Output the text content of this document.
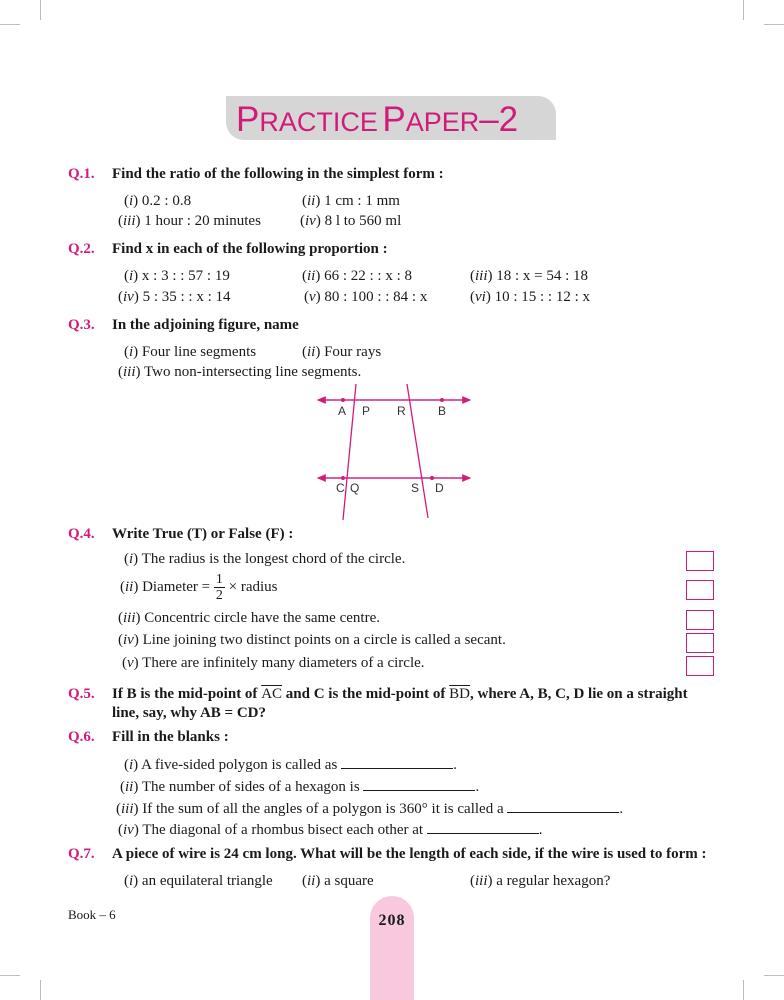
PRACTICE PAPER–2
Q.1. Find the ratio of the following in the simplest form :
(i) 0.2 : 0.8	(ii) 1 cm : 1 mm
(iii) 1 hour : 20 minutes	(iv) 8 l to 560 ml
Q.2. Find x in each of the following proportion :
(i) x : 3 : : 57 : 19	(ii) 66 : 22 : : x : 8	(iii) 18 : x = 54 : 18
(iv) 5 : 35 : : x : 14	(v) 80 : 100 : : 84 : x	(vi) 10 : 15 : : 12 : x
Q.3. In the adjoining figure, name
(i) Four line segments	(ii) Four rays
(iii) Two non-intersecting line segments.
A P R	B
C Q	S D
Q.4. Write True (T) or False (F) :
(i) The radius is the longest chord of the circle.
(ii) Diameter = $\frac{1}{2}$ × radius
(iii) Concentric circle have the same centre.
(iv) Line joining two distinct points on a circle is called a secant.
(v) There are infinitely many diameters of a circle.
Q.5. If B is the mid-point of $\overline{AC}$ and C is the mid-point of $\overline{BD}$, where A, B, C, D lie on a straight
line, say, why AB = CD?
Q.6. Fill in the blanks :
(i) A five-sided polygon is called as	.
(ii) The number of sides of a hexagon is	.
(iii) If the sum of all the angles of a polygon is 360° it is called a	.
(iv) The diagonal of a rhombus bisect each other at	.
Q.7. A piece of wire is 24 cm long. What will be the length of each side, if the wire is used to form :
(i) an equilateral triangle (ii) a square	(iii) a regular hexagon?
Book – 6	208
